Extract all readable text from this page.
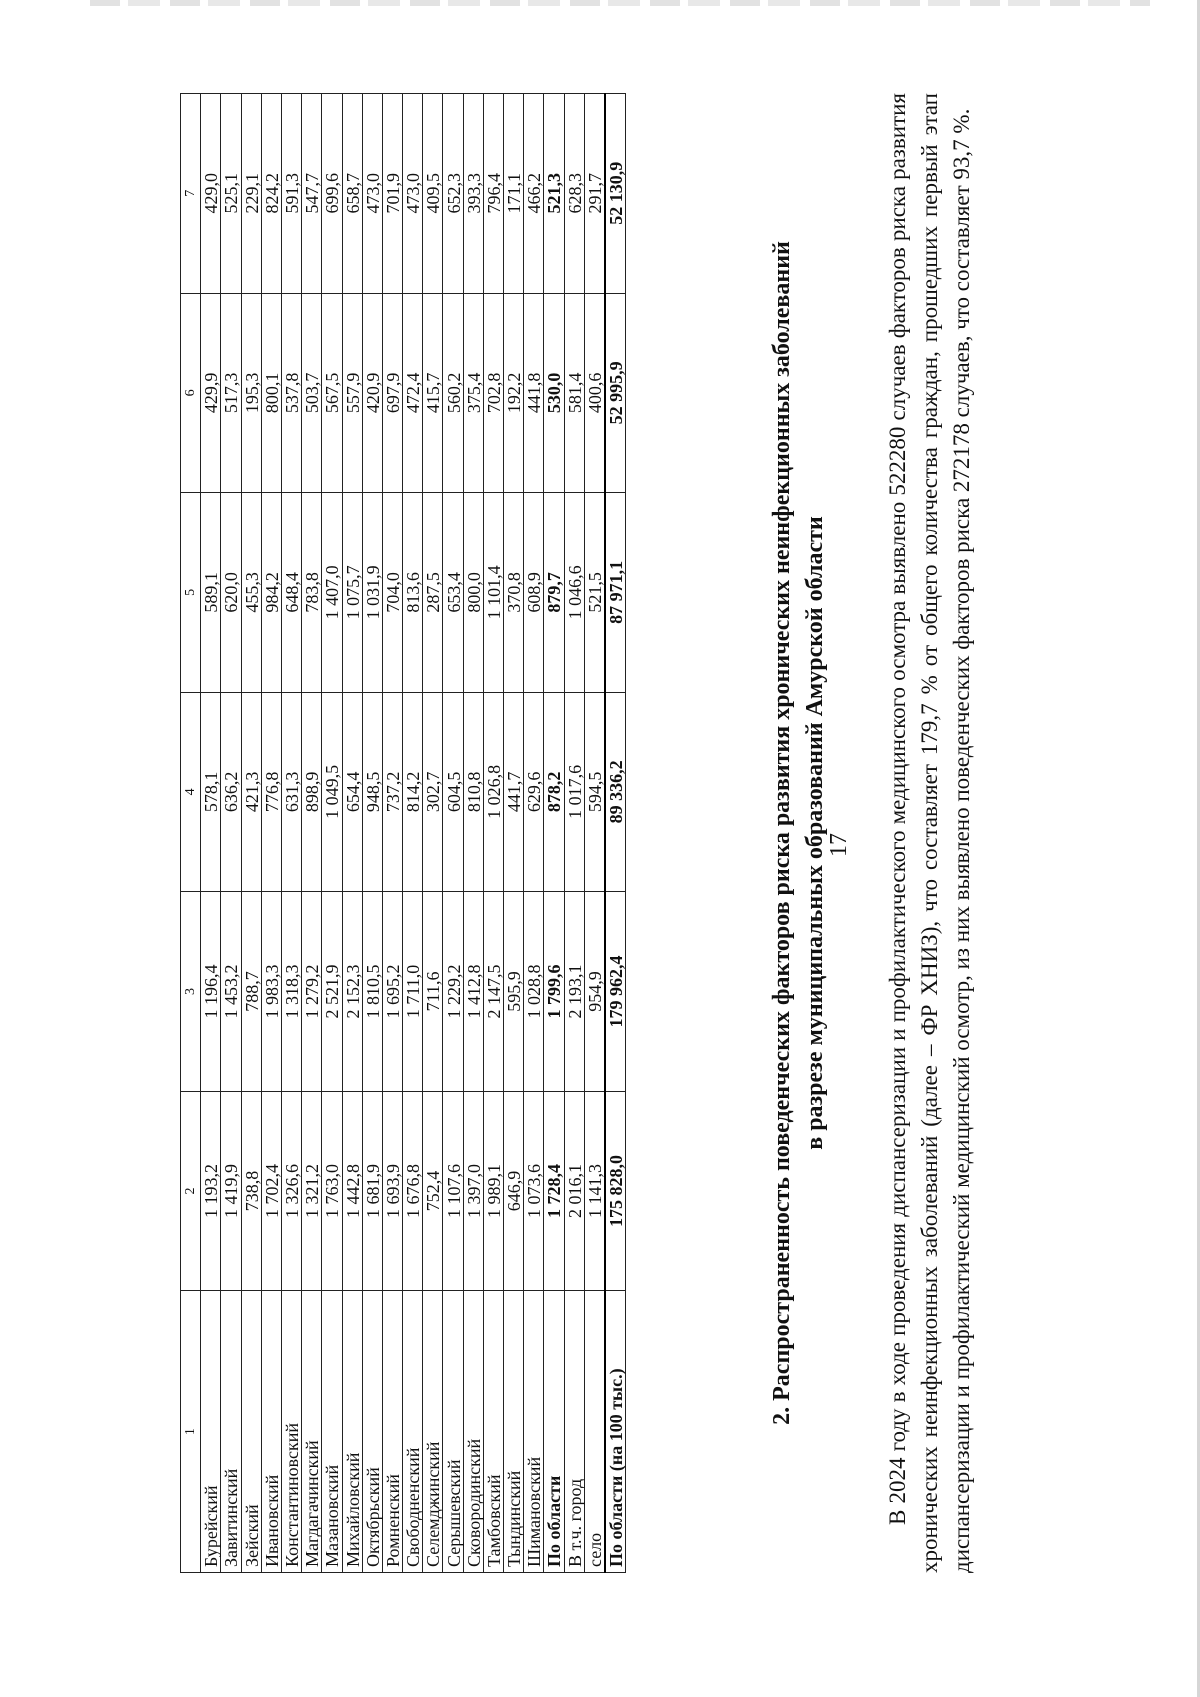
17
1	2	3	4	5	6	7
Бурейский	1 193,2	1 196,4	578,1	589,1	429,9	429,0
Завитинский	1 419,9	1 453,2	636,2	620,0	517,3	525,1
Зейский	738,8	788,7	421,3	455,3	195,3	229,1
Ивановский	1 702,4	1 983,3	776,8	984,2	800,1	824,2
Константиновский	1 326,6	1 318,3	631,3	648,4	537,8	591,3
Магдагачинский	1 321,2	1 279,2	898,9	783,8	503,7	547,7
Мазановский	1 763,0	2 521,9	1 049,5	1 407,0	567,5	699,6
Михайловский	1 442,8	2 152,3	654,4	1 075,7	557,9	658,7
Октябрьский	1 681,9	1 810,5	948,5	1 031,9	420,9	473,0
Ромненский	1 693,9	1 695,2	737,2	704,0	697,9	701,9
Свободненский	1 676,8	1 711,0	814,2	813,6	472,4	473,0
Селемджинский	752,4	711,6	302,7	287,5	415,7	409,5
Серышевский	1 107,6	1 229,2	604,5	653,4	560,2	652,3
Сковородинский	1 397,0	1 412,8	810,8	800,0	375,4	393,3
Тамбовский	1 989,1	2 147,5	1 026,8	1 101,4	702,8	796,4
Тындинский	646,9	595,9	441,7	370,8	192,2	171,1
Шимановский	1 073,6	1 028,8	629,6	608,9	441,8	466,2
По области	1 728,4	1 799,6	878,2	879,7	530,0	521,3
В т.ч. город	2 016,1	2 193,1	1 017,6	1 046,6	581,4	628,3
село	1 141,3	954,9	594,5	521,5	400,6	291,7
По области (на 100 тыс.)	175 828,0	179 962,4	89 336,2	87 971,1	52 995,9	52 130,9
2. Распространенность поведенческих факторов риска развития хронических неинфекционных заболеваний в разрезе муниципальных образований Амурской области В 2024 году в ходе проведения диспансеризации и профилактического медицинского осмотра выявлено 522280 случаев факторов риска развития хронических неинфекционных заболеваний (далее – ФР ХНИЗ), что составляет 179,7 % от общего количества граждан, прошедших первый этап диспансеризации и профилактический медицинский осмотр, из них выявлено поведенческих факторов риска 272178 случаев, что составляет 93,7 %.
